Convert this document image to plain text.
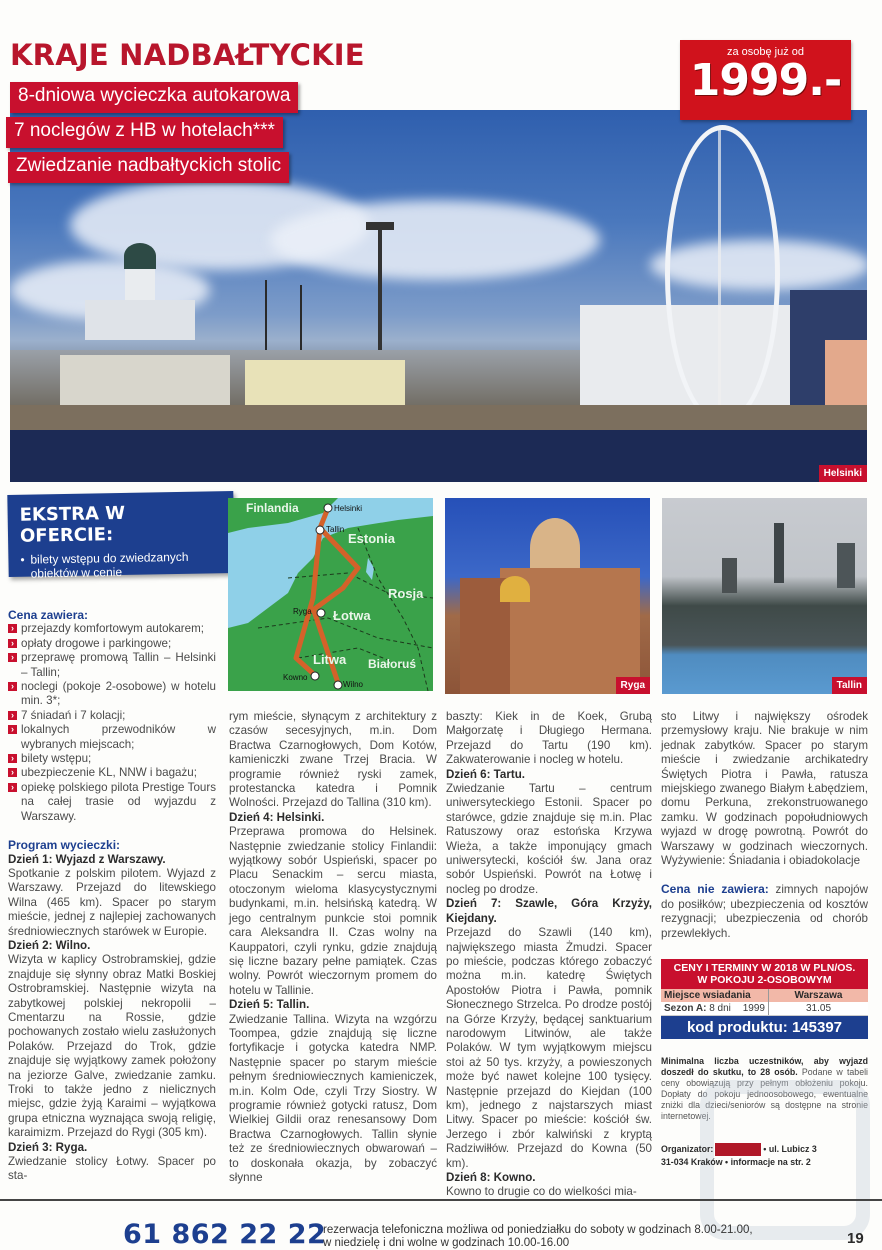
KRAJE NADBAŁTYCKIE
8-dniowa wycieczka autokarowa
7 noclegów z HB w hotelach***
Zwiedzanie nadbałtyckich stolic
za osobę już od
1999.-
Helsinki
EKSTRA W OFERCIE:
• bilety wstępu do zwiedzanych obiektów w cenie
Finlandia
Estonia
Rosja
Łotwa
Litwa Białoruś
Helsinki
Tallin
Ryga
Kowno
Wilno	Ryga	Tallin
Cena zawiera:
› przejazdy komfortowym autokarem;
› opłaty drogowe i parkingowe;
› przeprawę promową Tallin – Helsinki – Tallin;
› noclegi (pokoje 2-osobowe) w hotelu min. 3*;
› 7 śniadań i 7 kolacji;
› lokalnych przewodników w wybranych miejscach;
› bilety wstępu;
› ubezpieczenie KL, NNW i bagażu;
› opiekę polskiego pilota Prestige Tours na całej trasie od wyjazdu z Warszawy.
Program wycieczki:

Dzień 1: Wyjazd z Warszawy.

Spotkanie z polskim pilotem. Wyjazd z Warszawy. Przejazd do litewskiego Wilna (465 km). Spacer po starym mieście, jednej z najlepiej zachowanych średniowiecznych starówek w Europie.

Dzień 2: Wilno.

Wizyta w kaplicy Ostrobramskiej, gdzie znajduje się słynny obraz Matki Boskiej Ostrobramskiej. Następnie wizyta na zabytkowej polskiej nekropolii – Cmentarzu na Rossie, gdzie pochowanych zostało wielu zasłużonych Polaków. Przejazd do Trok, gdzie znajduje się wyjątkowy zamek położony na jeziorze Galve, zwiedzanie zamku. Troki to także jedno z nielicznych miejsc, gdzie żyją Karaimi – wyjątkowa grupa etniczna wyznająca swoją religię, karaimizm. Przejazd do Rygi (305 km).

Dzień 3: Ryga.

Zwiedzanie stolicy Łotwy. Spacer po sta-

rym mieście, słynącym z architektury z czasów secesyjnych, m.in. Dom Bractwa Czarnogłowych, Dom Kotów, kamieniczki zwane Trzej Bracia. W programie również ryski zamek, protestancka katedra i Pomnik Wolności. Przejazd do Tallina (310 km).

Dzień 4: Helsinki.

Przeprawa promowa do Helsinek. Następnie zwiedzanie stolicy Finlandii: wyjątkowy sobór Uspieński, spacer po Placu Senackim – sercu miasta, otoczonym wieloma klasycystycznymi budynkami, m.in. helsińską katedrą. W jego centralnym punkcie stoi pomnik cara Aleksandra II. Czas wolny na Kauppatori, czyli rynku, gdzie znajdują się liczne bazary pełne pamiątek. Czas wolny. Powrót wieczornym promem do hotelu w Tallinie.

Dzień 5: Tallin.

Zwiedzanie Tallina. Wizyta na wzgórzu Toompea, gdzie znajdują się liczne fortyfikacje i gotycka katedra NMP. Następnie spacer po starym mieście pełnym średniowiecznych kamieniczek, m.in. Kolm Ode, czyli Trzy Siostry. W programie również gotycki ratusz, Dom Wielkiej Gildii oraz renesansowy Dom Bractwa Czarnogłowych. Tallin słynie też ze średniowiecznych obwarowań – to doskonała okazja, by zobaczyć słynne

baszty: Kiek in de Koek, Grubą Małgorzatę i Długiego Hermana. Przejazd do Tartu (190 km). Zakwaterowanie i nocleg w hotelu.

Dzień 6: Tartu.

Zwiedzanie Tartu – centrum uniwersyteckiego Estonii. Spacer po starówce, gdzie znajduje się m.in. Plac Ratuszowy oraz estońska Krzywa Wieża, a także imponujący gmach uniwersytecki, kościół św. Jana oraz sobór Uspieński. Powrót na Łotwę i nocleg po drodze.

Dzień 7: Szawle, Góra Krzyży, Kiejdany.

Przejazd do Szawli (140 km), największego miasta Żmudzi. Spacer po mieście, podczas którego zobaczyć można m.in. katedrę Świętych Apostołów Piotra i Pawła, pomnik Słonecznego Strzelca. Po drodze postój na Górze Krzyży, będącej sanktuarium narodowym Litwinów, ale także Polaków. W tym wyjątkowym miejscu stoi aż 50 tys. krzyży, a powieszonych może być nawet kolejne 100 tysięcy. Następnie przejazd do Kiejdan (100 km), jednego z najstarszych miast Litwy. Spacer po mieście: kościół św. Jerzego i zbór kalwiński z kryptą Radziwiłłów. Przejazd do Kowna (50 km).

Dzień 8: Kowno.

Kowno to drugie co do wielkości mia-

sto Litwy i największy ośrodek przemysłowy kraju. Nie brakuje w nim jednak zabytków. Spacer po starym mieście i zwiedzanie archikatedry Świętych Piotra i Pawła, ratusza miejskiego zwanego Białym Łabędziem, domu Perkuna, zrekonstruowanego zamku. W godzinach popołudniowych wyjazd w drogę powrotną. Powrót do Warszawy w godzinach wieczornych. Wyżywienie: Śniadania i obiadokolacje

Cena nie zawiera: zimnych napojów do posiłków; ubezpieczenia od kosztów rezygnacji; ubezpieczenia od chorób przewlekłych.

CENY I TERMINY W 2018 W PLN/OS.
W POKOJU 2-OSOBOWYM
Miejsce wsiadania	Warszawa
Sezon A: 8 dni 1999	31.05
kod produktu: 145397
Minimalna liczba uczestników, aby wyjazd doszedł do skutku, to 28 osób. Podane w tabeli ceny obowiązują przy pełnym obłożeniu pokoju. Dopłaty do pokoju jednoosobowego, ewentualne zniżki dla dzieci/seniorów są dostępne na stronie internetowej.
Organizator:	• ul. Lubicz 3
31-034 Kraków • informacje na str. 2
61 862 22 22
rezerwacja telefoniczna możliwa od poniedziałku do soboty w godzinach 8.00-21.00,
w niedzielę i dni wolne w godzinach 10.00-16.00	19
